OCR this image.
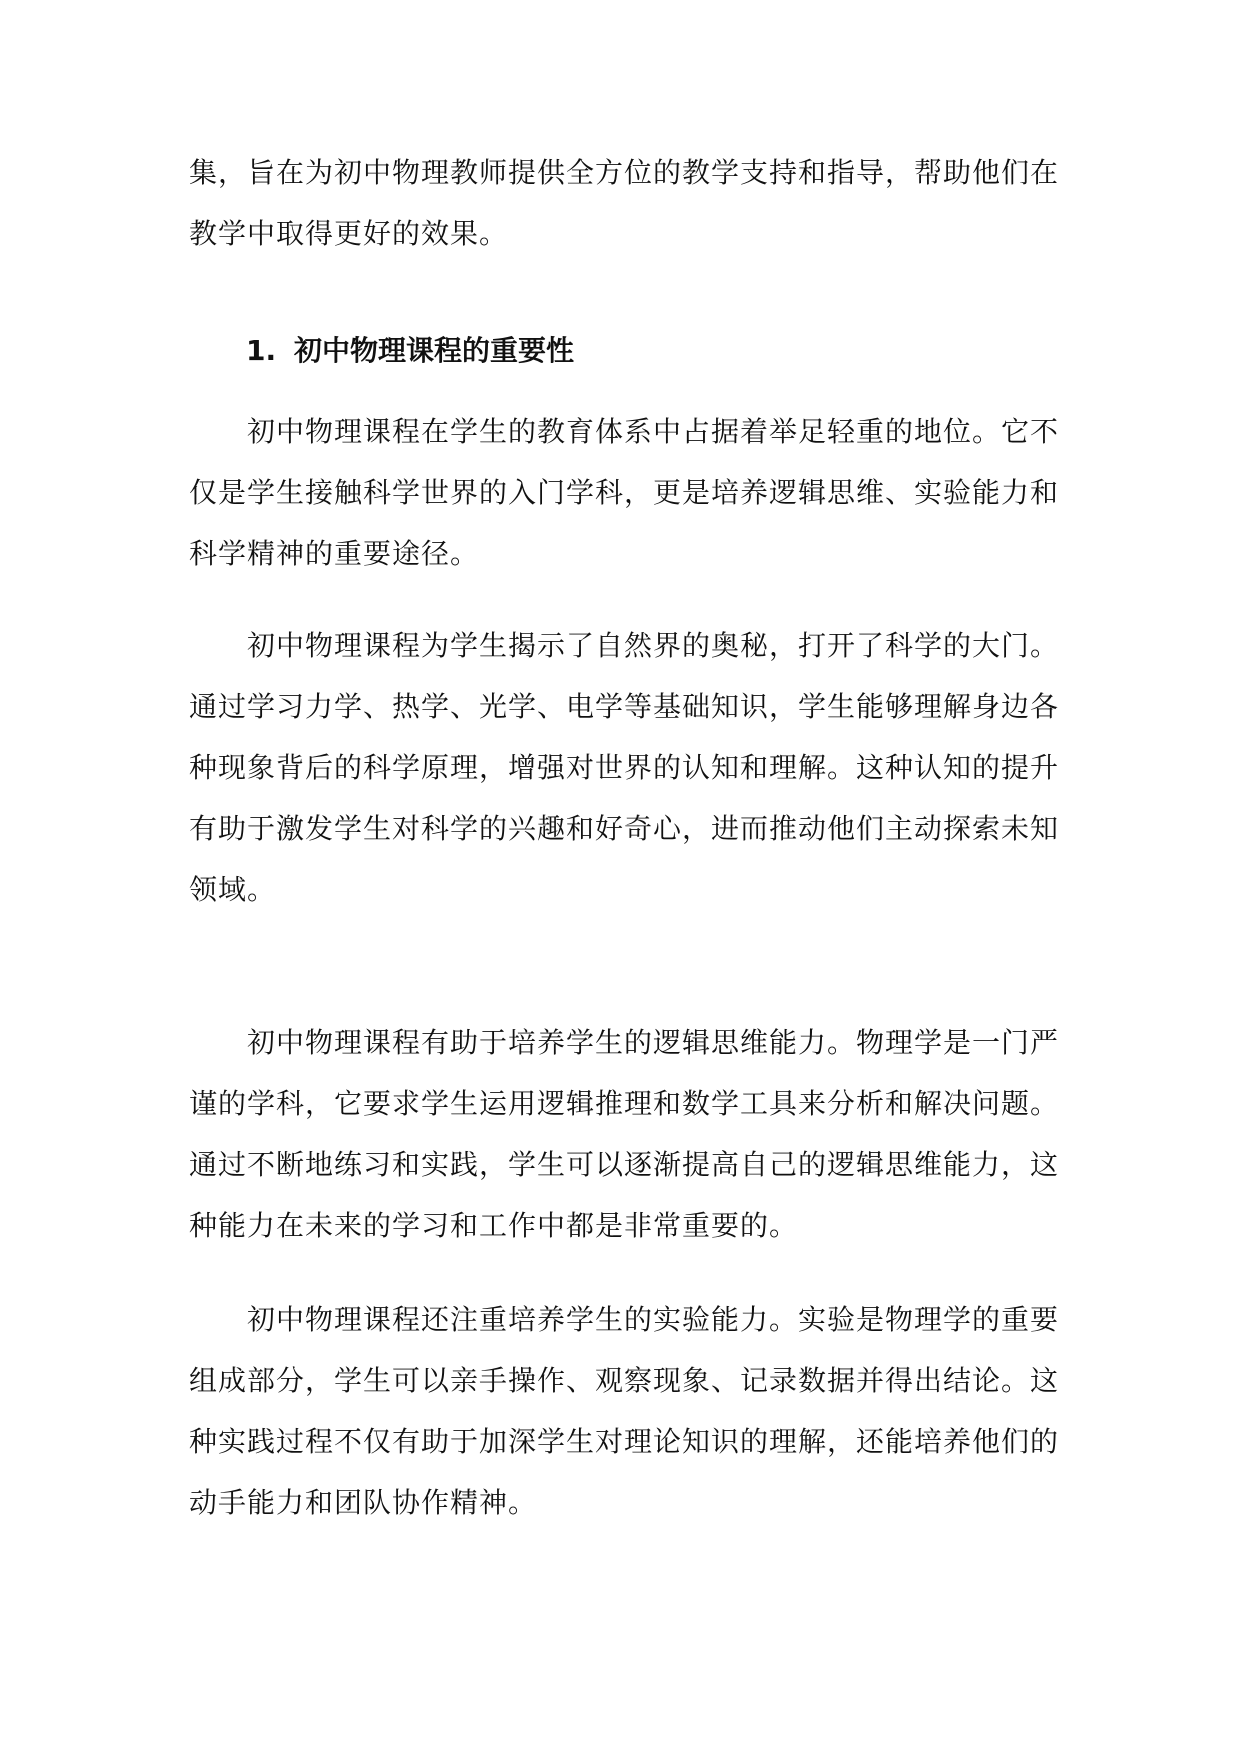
集，旨在为初中物理教师提供全方位的教学支持和指导，帮助他们在
教学中取得更好的效果。
1. 初中物理课程的重要性
　　初中物理课程在学生的教育体系中占据着举足轻重的地位。它不
仅是学生接触科学世界的入门学科，更是培养逻辑思维、实验能力和
科学精神的重要途径。
　　初中物理课程为学生揭示了自然界的奥秘，打开了科学的大门。
通过学习力学、热学、光学、电学等基础知识，学生能够理解身边各
种现象背后的科学原理，增强对世界的认知和理解。这种认知的提升
有助于激发学生对科学的兴趣和好奇心，进而推动他们主动探索未知
领域。
　　初中物理课程有助于培养学生的逻辑思维能力。物理学是一门严
谨的学科，它要求学生运用逻辑推理和数学工具来分析和解决问题。
通过不断地练习和实践，学生可以逐渐提高自己的逻辑思维能力，这
种能力在未来的学习和工作中都是非常重要的。
　　初中物理课程还注重培养学生的实验能力。实验是物理学的重要
组成部分，学生可以亲手操作、观察现象、记录数据并得出结论。这
种实践过程不仅有助于加深学生对理论知识的理解，还能培养他们的
动手能力和团队协作精神。
